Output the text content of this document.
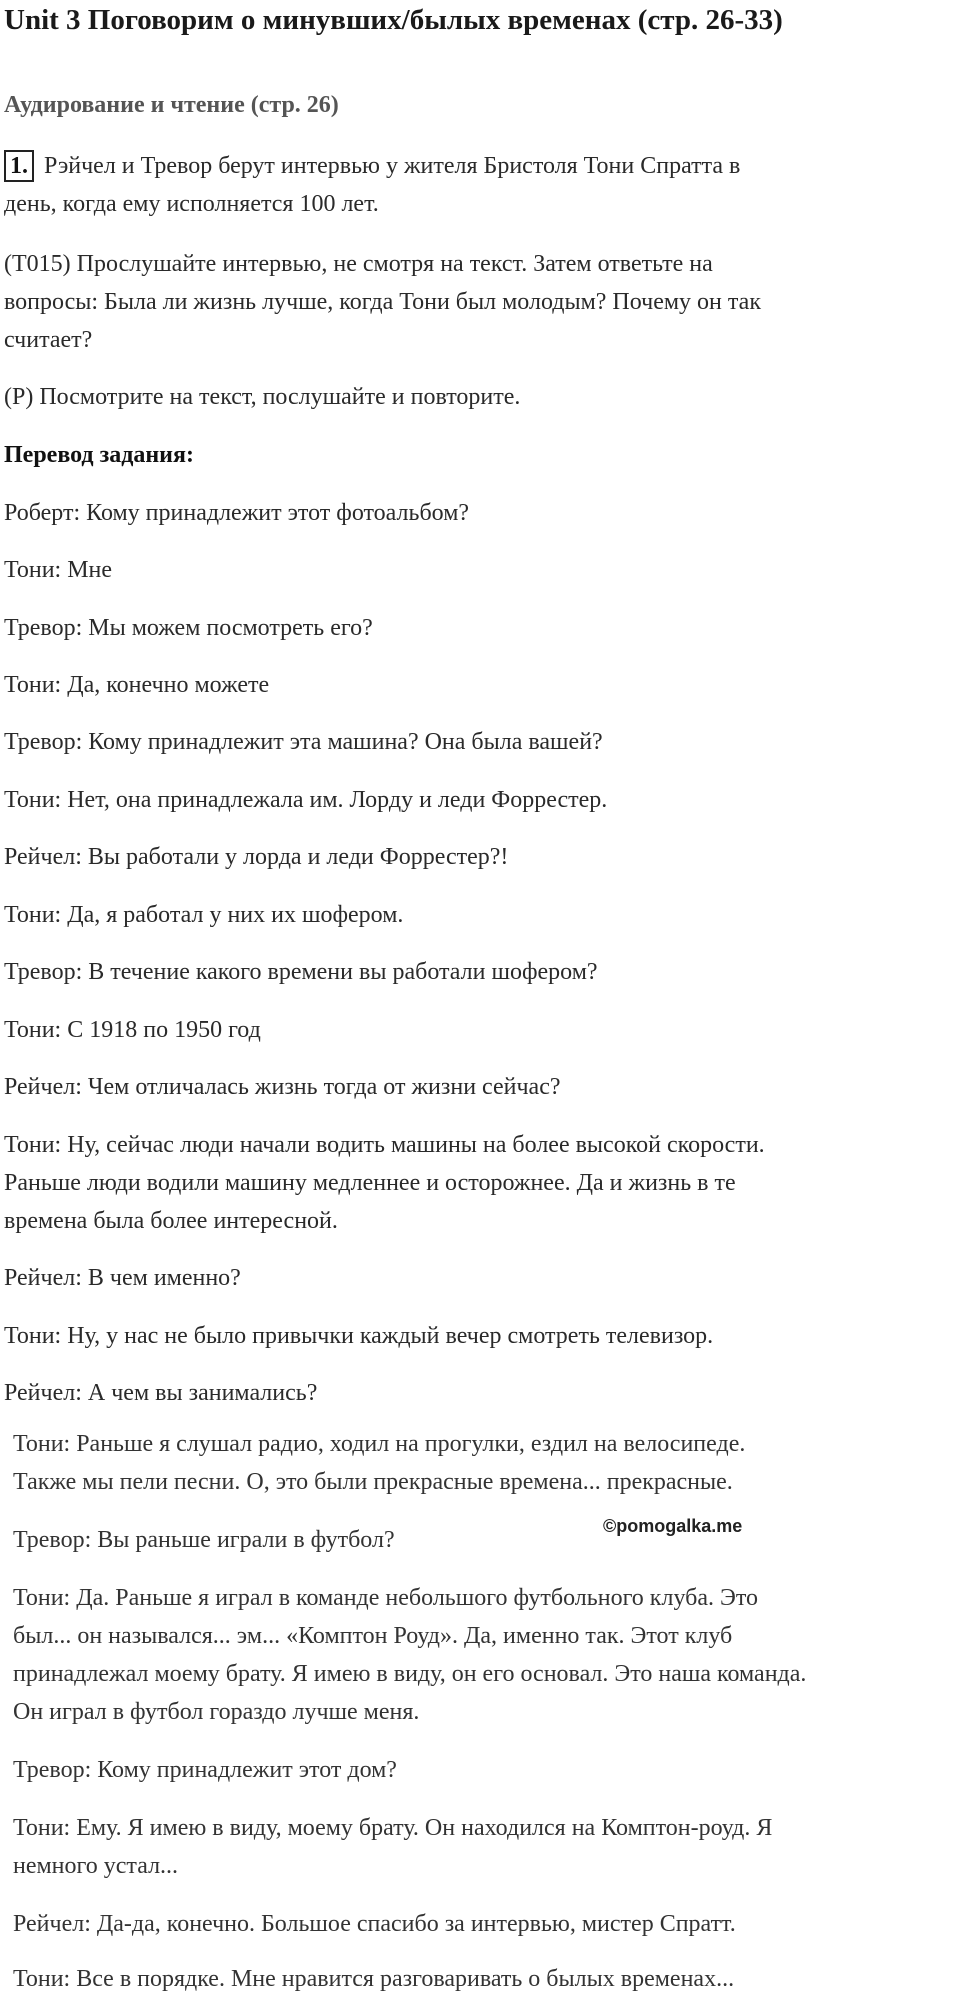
Unit 3 Поговорим о минувших/былых временах (стр. 26-33)
Аудирование и чтение (стр. 26)
1. Рэйчел и Тревор берут интервью у жителя Бристоля Тони Спратта в
день, когда ему исполняется 100 лет.
(T015) Прослушайте интервью, не смотря на текст. Затем ответьте на
вопросы: Была ли жизнь лучше, когда Тони был молодым? Почему он так
считает?
(P) Посмотрите на текст, послушайте и повторите.
Перевод задания:
Роберт: Кому принадлежит этот фотоальбом?
Тони: Мне
Тревор: Мы можем посмотреть его?
Тони: Да, конечно можете
Тревор: Кому принадлежит эта машина? Она была вашей?
Тони: Нет, она принадлежала им. Лорду и леди Форрестер.
Рейчел: Вы работали у лорда и леди Форрестер?!
Тони: Да, я работал у них их шофером.
Тревор: В течение какого времени вы работали шофером?
Тони: С 1918 по 1950 год
Рейчел: Чем отличалась жизнь тогда от жизни сейчас?
Тони: Ну, сейчас люди начали водить машины на более высокой скорости.
Раньше люди водили машину медленнее и осторожнее. Да и жизнь в те
времена была более интересной.
Рейчел: В чем именно?
Тони: Ну, у нас не было привычки каждый вечер смотреть телевизор.
Рейчел: А чем вы занимались?
Тони: Раньше я слушал радио, ходил на прогулки, ездил на велосипеде.
Также мы пели песни. О, это были прекрасные времена... прекрасные.
Тревор: Вы раньше играли в футбол?
©pomogalka.me
Тони: Да. Раньше я играл в команде небольшого футбольного клуба. Это
был... он назывался... эм... «Комптон Роуд». Да, именно так. Этот клуб
принадлежал моему брату. Я имею в виду, он его основал. Это наша команда.
Он играл в футбол гораздо лучше меня.
Тревор: Кому принадлежит этот дом?
Тони: Ему. Я имею в виду, моему брату. Он находился на Комптон-роуд. Я
немного устал...
Рейчел: Да-да, конечно. Большое спасибо за интервью, мистер Спратт.
Тони: Все в порядке. Мне нравится разговаривать о былых временах...
